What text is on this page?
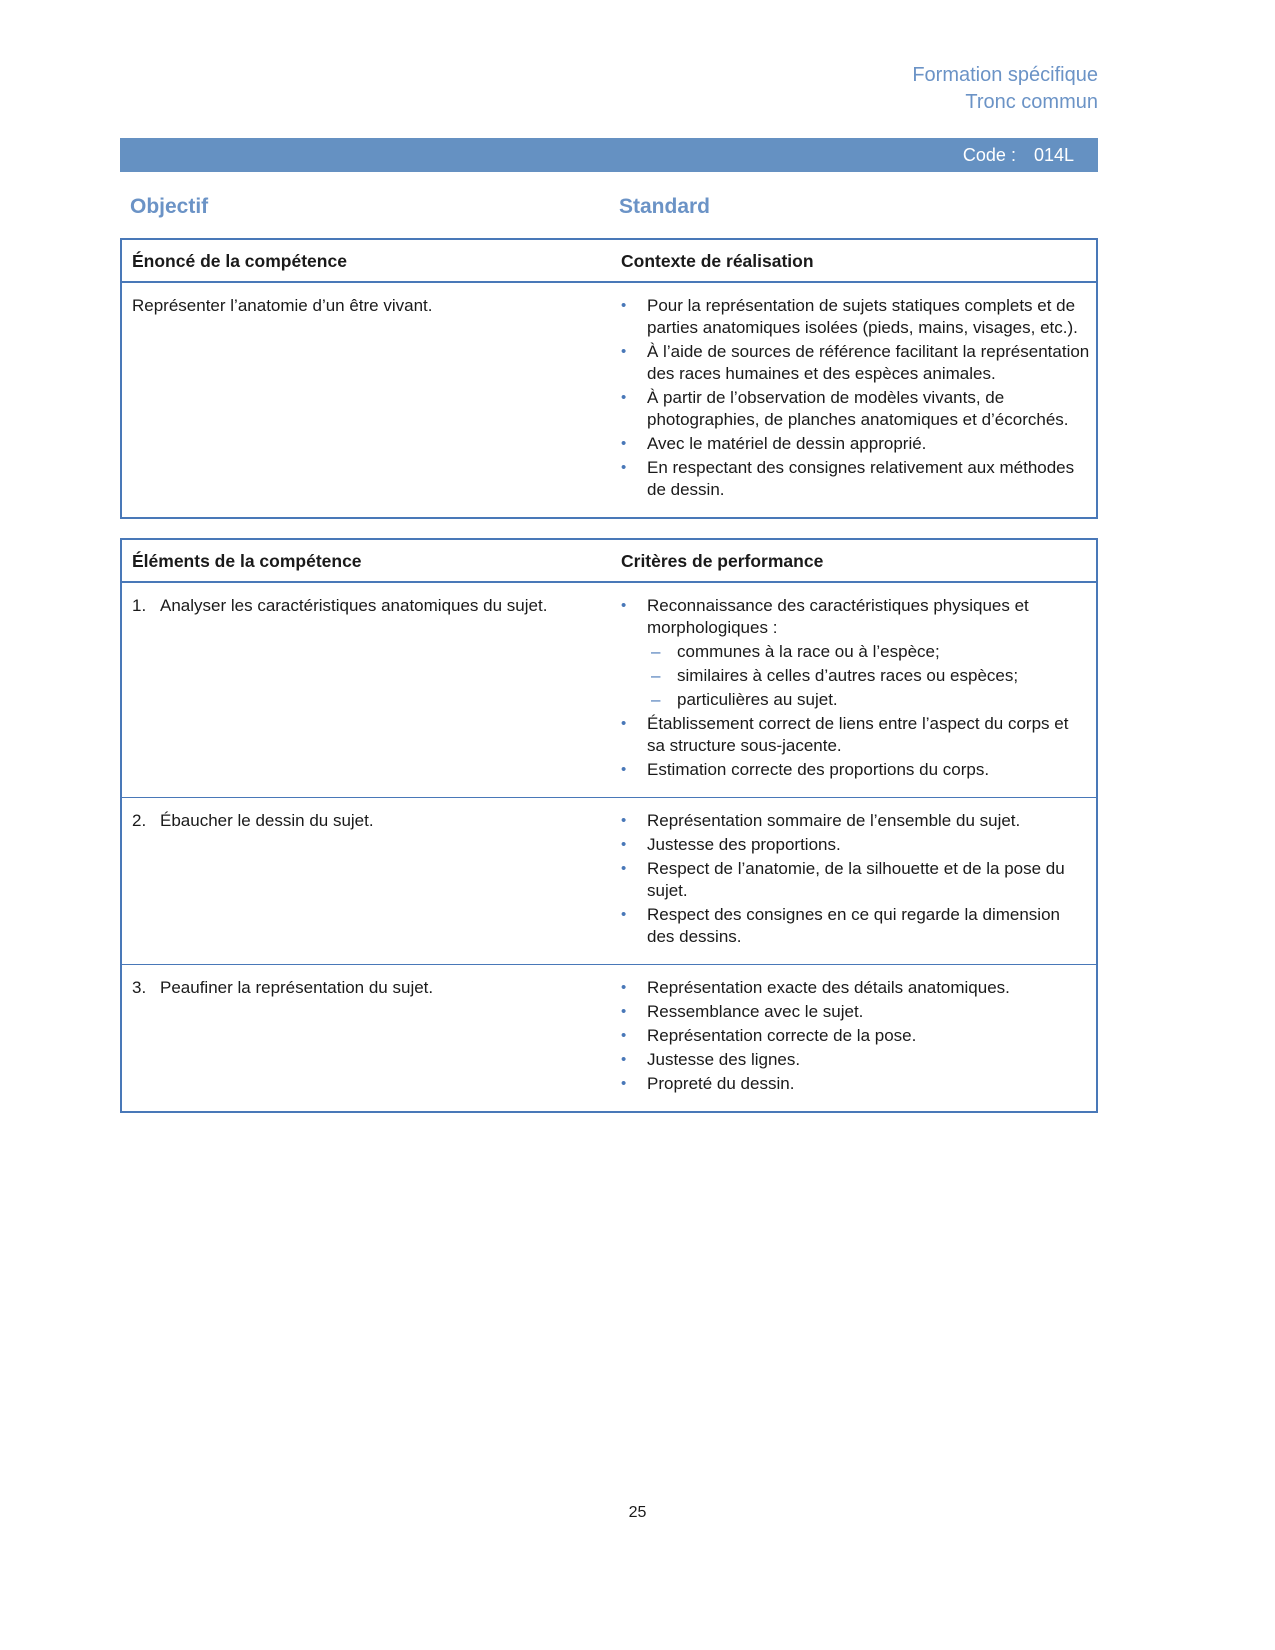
Formation spécifique
Tronc commun
Code : 014L
Objectif	Standard
Énoncé de la compétence	Contexte de réalisation
Représenter l’anatomie d’un être vivant.	•	Pour la représentation de sujets statiques complets et de parties anatomiques isolées (pieds, mains, visages, etc.).
•	À l’aide de sources de référence facilitant la représentation des races humaines et des espèces animales.
•	À partir de l’observation de modèles vivants, de photographies, de planches anatomiques et d’écorchés.
•	Avec le matériel de dessin approprié.
•	En respectant des consignes relativement aux méthodes de dessin.
Éléments de la compétence	Critères de performance
1. Analyser les caractéristiques anatomiques du sujet.	•	Reconnaissance des caractéristiques physiques et morphologiques :
– communes à la race ou à l’espèce;
– similaires à celles d’autres races ou espèces;
– particulières au sujet.
•	Établissement correct de liens entre l’aspect du corps et sa structure sous-jacente.
•	Estimation correcte des proportions du corps.
2. Ébaucher le dessin du sujet.	•	Représentation sommaire de l’ensemble du sujet.
•	Justesse des proportions.
•	Respect de l’anatomie, de la silhouette et de la pose du sujet.
•	Respect des consignes en ce qui regarde la dimension des dessins.
3. Peaufiner la représentation du sujet.	•	Représentation exacte des détails anatomiques.
•	Ressemblance avec le sujet.
•	Représentation correcte de la pose.
•	Justesse des lignes.
•	Propreté du dessin.
25
